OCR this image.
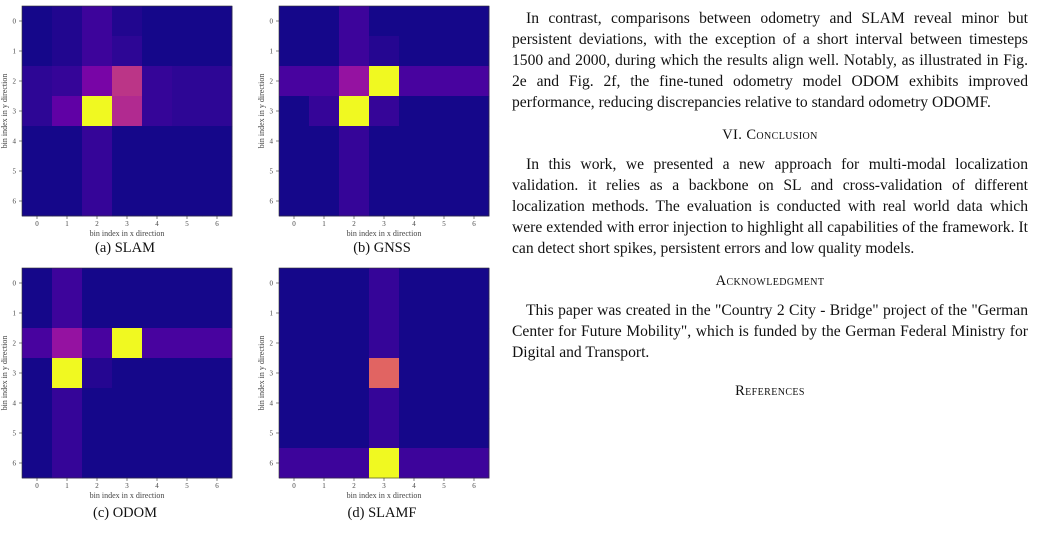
0
0
1
1
2
2
3
3
4
4
5
5
6
6
bin index in x direction
bin index in y direction
(a) SLAM
0
0
1
1
2
2
3
3
4
4
5
5
6
6
bin index in x direction
bin index in y direction
(b) GNSS
0
0
1
1
2
2
3
3
4
4
5
5
6
6
bin index in x direction
bin index in y direction
(c) ODOM
0
0
1
1
2
2
3
3
4
4
5
5
6
6
bin index in x direction
bin index in y direction
(d) SLAMF

In contrast, comparisons between odometry and SLAM reveal minor but persistent deviations, with the exception of a short interval between timesteps 1500 and 2000, during which the results align well. Notably, as illustrated in Fig. 2e and Fig. 2f, the fine-tuned odometry model ODOM exhibits improved performance, reducing discrepancies relative to standard odometry ODOMF.

VI. Conclusion

In this work, we presented a new approach for multi-modal localization validation. it relies as a backbone on SL and cross-validation of different localization methods. The evaluation is conducted with real world data which were extended with error injection to highlight all capabilities of the framework. It can detect short spikes, persistent errors and low quality models.

Acknowledgment

This paper was created in the "Country 2 City - Bridge" project of the "German Center for Future Mobility", which is funded by the German Federal Ministry for Digital and Transport.

References
